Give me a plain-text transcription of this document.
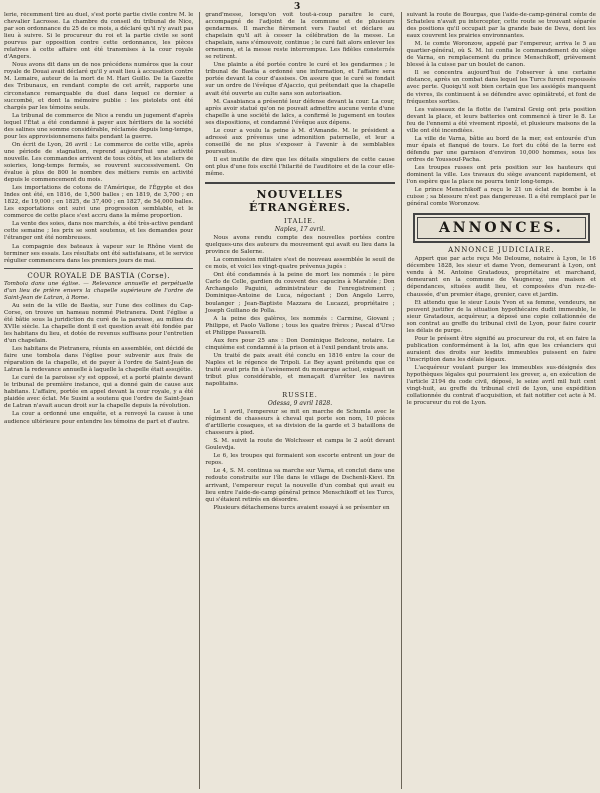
3

lerie, récemment tiré au duel, s'est porté partie civile contre M. le chevalier Lacrosse. La chambre du conseil du tribunal de Nice, par son ordonnance du 25 de ce mois, a déclaré qu'il n'y avait pas lieu à suivre. Si le procureur du roi et la partie civile se sont pourvus par opposition contre cette ordonnance, les pièces relatives à cette affaire ont été transmises à la cour royale d'Angers.

Nous avons dit dans un de nos précédens numéros que la cour royale de Douai avait déclaré qu'il y avait lieu à accusation contre M. Lemaire, auteur de la mort de M. Hari Guillo. De la Gazette des Tribunaux, en rendant compte de cet arrêt, rapporte une circonstance remarquable du duel dans lequel ce dernier a succombé, et dont la mémoire publie : les pistolets ont été chargés par les témoins seuls.

La tribunal de commerce de Nice a rendu un jugement d'après lequel l'État a été condamné à payer aux héritiers de la société des salines une somme considérable, réclamée depuis long-temps, pour les approvisionnemens faits pendant la guerre.

On écrit de Lyon, 26 avril : Le commerce de cette ville, après une période de stagnation, reprend aujourd'hui une activité nouvelle. Les commandes arrivent de tous côtés, et les ateliers de soieries, long-temps fermés, se rouvrent successivement. On évalue à plus de 800 le nombre des métiers remis en activité depuis le commencement du mois.

Les importations de cotons de l'Amérique, de l'Égypte et des Indes ont été, en 1816, de 1,500 balles ; en 1819, de 3,700 ; en 1822, de 19,000 ; en 1825, de 37,400 ; en 1827, de 54,000 balles. Les exportations ont suivi une progression semblable, et le commerce de cette place s'est accru dans la même proportion.

La vente des soies, dans nos marchés, a été très-active pendant cette semaine ; les prix se sont soutenus, et les demandes pour l'étranger ont été nombreuses.

La compagnie des bateaux à vapeur sur le Rhône vient de terminer ses essais. Les résultats ont été satisfaisans, et le service régulier commencera dans les premiers jours de mai.

COUR ROYALE DE BASTIA (Corse).

Tombola dans une église. — Relevance annuelle et perpétuelle d'un lieu de prière envers la chapelle supérieure de l'ordre de Saint-Jean de Latran, à Rome.

Au sein de la ville de Bastia, sur l'une des collines du Cap-Corse, on trouve un hameau nommé Pietranera. Dont l'église a été bâtie sous la juridiction du curé de la paroisse, au milieu du XVIIe siècle. La chapelle dont il est question avait été fondée par les habitans du lieu, et dotée de revenus suffisans pour l'entretien d'un chapelain.

Les habitans de Pietranera, réunis en assemblée, ont décidé de faire une tombola dans l'église pour subvenir aux frais de réparation de la chapelle, et de payer à l'ordre de Saint-Jean de Latran la redevance annuelle à laquelle la chapelle était assujétie.

Le curé de la paroisse s'y est opposé, et a porté plainte devant le tribunal de première instance, qui a donné gain de cause aux habitans. L'affaire, portée en appel devant la cour royale, y a été plaidée avec éclat. Me Susini a soutenu que l'ordre de Saint-Jean de Latran n'avait aucun droit sur la chapelle depuis la révolution.

La cour a ordonné une enquête, et a renvoyé la cause à une audience ultérieure pour entendre les témoins de part et d'autre.

grand'messe, lorsqu'on voit tout-à-coup paraître le curé, accompagné de l'adjoint de la commune et de plusieurs gendarmes. Il marche fièrement vers l'autel et déclare au chapelain qu'il ait à cesser la célébration de la messe. Le chapelain, sans s'émouvoir, continue ; le curé fait alors enlever les ornemens, et la messe reste interrompue. Les fidèles consternés se retirent.

Une plainte a été portée contre le curé et les gendarmes ; le tribunal de Bastia a ordonné une information, et l'affaire sera portée devant la cour d'assises. On assure que le curé se fondait sur un ordre de l'évêque d'Ajaccio, qui prétendait que la chapelle avait été ouverte au culte sans son autorisation.

M. Casabianca a présenté leur défense devant la cour. La cour, après avoir statué qu'on ne pouvait admettre aucune vente d'une chapelle à une société de laïcs, a confirmé le jugement en toutes ses dispositions, et condamné l'évêque aux dépens.

Le cour a voulu la peine à M. d'Amande. M. le président a adressé aux prévenus une admonition paternelle, et leur a conseillé de ne plus s'exposer à l'avenir à de semblables poursuites.

Il est inutile de dire que les détails singuliers de cette cause ont plus d'une fois excité l'hilarité de l'auditoire et de la cour elle-même.

NOUVELLES ÉTRANGÈRES.
ITALIE.
Naples, 17 avril.

Nous avons rendu compte des nouvelles portées contre quelques-uns des auteurs du mouvement qui avait eu lieu dans la province de Salerne.

La commission militaire s'est de nouveau assemblée le seuil de ce mois, et voici les vingt-quatre prévenus jugés :

Ont été condamnés à la peine de mort les nommés : le père Carlo de Celle, gardien du couvent des capucins à Maratée ; Don Archangelo Paguini, administrateur de l'enregistrement ; Dominique-Antoine de Luca, négociant ; Don Angelo Lerro, boulanger ; Jean-Baptiste Mazzara de Lucazzi, propriétaire ; Joseph Guiliano de Polla.

A la peine des galères, les nommés : Carmine, Giovani ; Philippe, et Paolo Vallone ; tous les quatre frères ; Pascal d'Urso et Philippe Passarelli.

Aux fers pour 25 ans : Don Dominique Belcone, notaire. Le cinquième est condamné à la prison et à l'exil pendant trois ans.

Un traité de paix avait été conclu en 1816 entre la cour de Naples et le régence de Tripoli. Le Bey ayant prétendu que ce traité avait pris fin à l'avènement du monarque actuel, exigeait un tribut plus considérable, et menaçait d'arrêter les navires napolitains.

RUSSIE.
Odessa, 9 avril 1828.

Le 1 avril, l'empereur se mit en marche de Schumla avec le régiment de chasseurs à cheval qui porte son nom, 10 pièces d'artillerie cosaques, et sa division de la garde et 3 bataillons de chasseurs à pied.

S. M. suivit la route de Wolchsser et campa le 2 août devant Goulevdja.

Le 6, les troupes qui formaient son escorte entrent un jour de repos.

Le 4, S. M. continua sa marche sur Varna, et conclut dans une redoute construite sur l'île dans le village de Dschenli-Kievi. En arrivant, l'empereur reçut la nouvelle d'un combat qui avait eu lieu entre l'aide-de-camp général prince Menschikoff et les Turcs, qui s'étaient retirés en désordre.

Plusieurs détachemens turcs avaient essayé à se présenter en

suivant la route de Bourgas, que l'aide-de-camp-général comte de Schateleu n'avait pu intercepter, cette route se trouvant séparée des positions qu'il occupait par la grande baie de Deva, dont les eaux couvrent les prairies environnantes.

M. le comte Woronzow, appelé par l'empereur, arriva le 5 au quartier-général, où S. M. lui confia le commandement du siège de Varna, en remplacement du prince Menschikoff, grièvement blessé à la cuisse par un boulet de canon.

Il se concentra aujourd'hui de l'observer à une certaine distance, après un combat dans lequel les Turcs furent repoussés avec perte. Quoiqu'il soit bien certain que les assiégés manquent de vivres, ils continuent à se défendre avec opiniâtreté, et font de fréquentes sorties.

Les vaisseaux de la flotte de l'amiral Greig ont pris position devant la place, et leurs batteries ont commencé à tirer le 8. Le feu de l'ennemi a été vivement riposté, et plusieurs maisons de la ville ont été incendiées.

La ville de Varna, bâtie au bord de la mer, est entourée d'un mur épais et flanqué de tours. Le fort du côté de la terre est défendu par une garnison d'environ 10,000 hommes, sous les ordres de Youssouf-Pacha.

Les troupes russes ont pris position sur les hauteurs qui dominent la ville. Les travaux du siège avancent rapidement, et l'on espère que la place ne pourra tenir long-temps.

Le prince Menschikoff a reçu le 21 un éclat de bombe à la cuisse ; sa blessure n'est pas dangereuse. Il a été remplacé par le général comte Woronzow.

ANNONCES.
ANNONCE JUDICIAIRE.

Appert que par acte reçu Me Deloume, notaire à Lyon, le 16 décembre 1828, les sieur et dame Yvon, demeurant à Lyon, ont vendu à M. Antoine Gratadoux, propriétaire et marchand, demeurant en la commune de Vaugneray, une maison et dépendances, situées audit lieu, et composées d'un rez-de-chaussée, d'un premier étage, grenier, cave et jardin.

Et attendu que le sieur Louis Yvon et sa femme, vendeurs, ne peuvent justifier de la situation hypothécaire dudit immeuble, le sieur Gratadoux, acquéreur, a déposé une copie collationnée de son contrat au greffe du tribunal civil de Lyon, pour faire courir les délais de purge.

Pour le présent être signifié au procureur du roi, et en faire la publication conformément à la loi, afin que les créanciers qui auraient des droits sur lesdits immeubles puissent en faire l'inscription dans les délais légaux.

L'acquéreur voulant purger les immeubles sus-désignés des hypothèques légales qui pourraient les grever, a, en exécution de l'article 2194 du code civil, déposé, le seize avril mil huit cent vingt-huit, au greffe du tribunal civil de Lyon, une expédition collationnée du contrat d'acquisition, et fait notifier cet acte à M. le procureur du roi de Lyon.
